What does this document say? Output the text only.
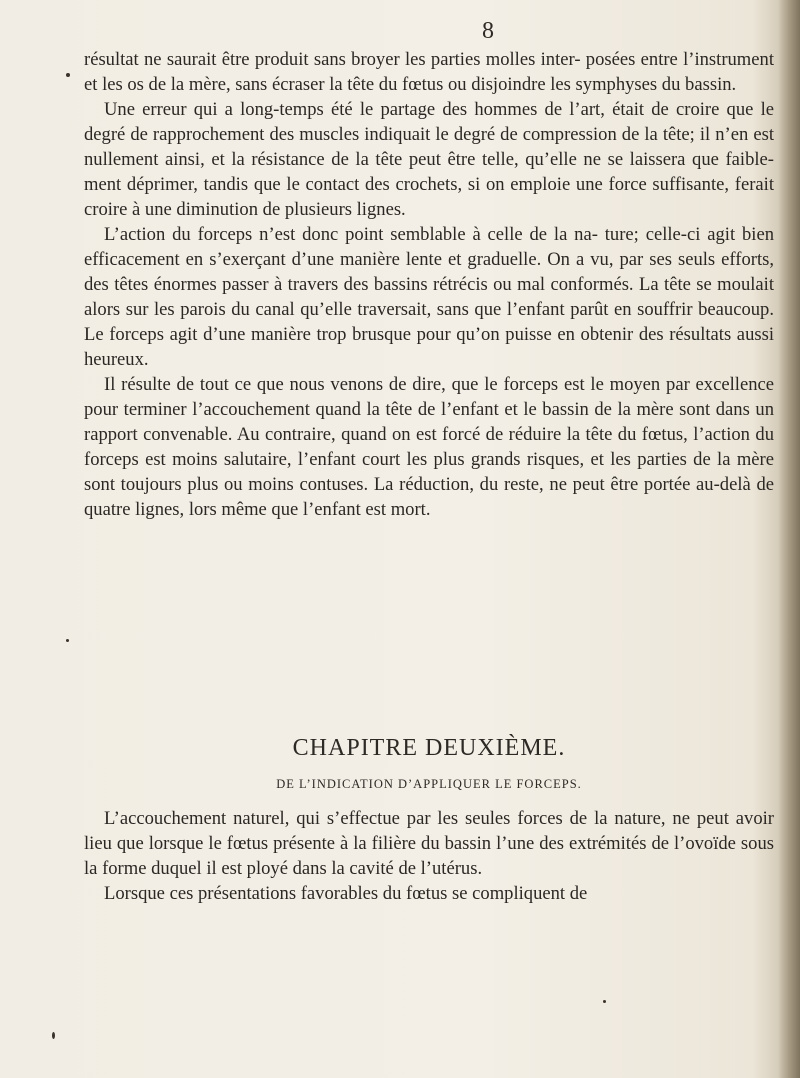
8

résultat ne saurait être produit sans broyer les parties molles inter- posées entre l’instrument et les os de la mère, sans écraser la tête du fœtus ou disjoindre les symphyses du bassin.

Une erreur qui a long-temps été le partage des hommes de l’art, était de croire que le degré de rapprochement des muscles indiquait le degré de compression de la tête; il n’en est nullement ainsi, et la résistance de la tête peut être telle, qu’elle ne se laissera que faible- ment déprimer, tandis que le contact des crochets, si on emploie une force suffisante, ferait croire à une diminution de plusieurs lignes.

L’action du forceps n’est donc point semblable à celle de la na- ture; celle-ci agit bien efficacement en s’exerçant d’une manière lente et graduelle. On a vu, par ses seuls efforts, des têtes énormes passer à travers des bassins rétrécis ou mal conformés. La tête se moulait alors sur les parois du canal qu’elle traversait, sans que l’enfant parût en souffrir beaucoup. Le forceps agit d’une manière trop brusque pour qu’on puisse en obtenir des résultats aussi heureux.

Il résulte de tout ce que nous venons de dire, que le forceps est le moyen par excellence pour terminer l’accouchement quand la tête de l’enfant et le bassin de la mère sont dans un rapport convenable. Au contraire, quand on est forcé de réduire la tête du fœtus, l’action du forceps est moins salutaire, l’enfant court les plus grands risques, et les parties de la mère sont toujours plus ou moins contuses. La réduction, du reste, ne peut être portée au-delà de quatre lignes, lors même que l’enfant est mort.

CHAPITRE DEUXIÈME.
DE L’INDICATION D’APPLIQUER LE FORCEPS.

L’accouchement naturel, qui s’effectue par les seules forces de la nature, ne peut avoir lieu que lorsque le fœtus présente à la filière du bassin l’une des extrémités de l’ovoïde sous la forme duquel il est ployé dans la cavité de l’utérus.

Lorsque ces présentations favorables du fœtus se compliquent de
